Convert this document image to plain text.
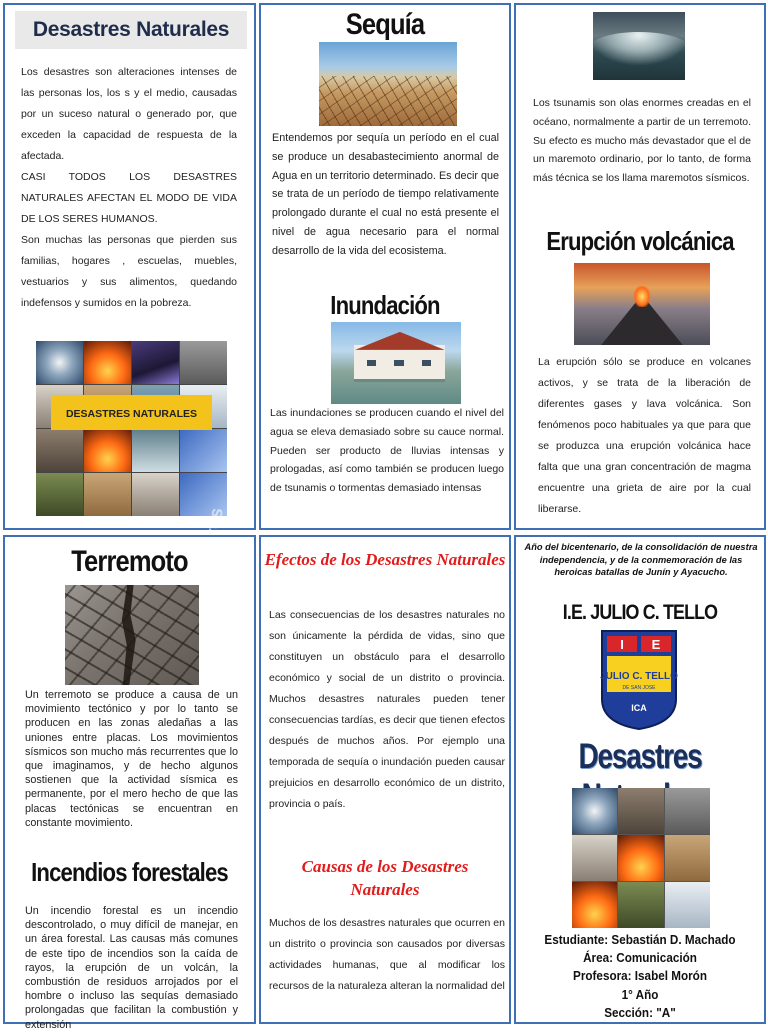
Desastres Naturales

Los desastres son alteraciones intenses de las personas los, los s y el medio, causadas por un suceso natural o generado por, que exceden la capacidad de respuesta de la afectada.

CASI TODOS LOS DESASTRES NATURALES AFECTAN EL MODO DE VIDA DE LOS SERES HUMANOS.

Son muchas las personas que pierden sus familias, hogares , escuelas, muebles, vestuarios y sus alimentos, quedando indefensos y sumidos en la pobreza.

DESASTRES NATURALES
Sequía
Entendemos por sequía un período en el cual se produce un desabastecimiento anormal de Agua en un territorio determinado. Es decir que se trata de un período de tiempo relativamente prolongado durante el cual no está presente el nivel de agua necesario para el normal desarrollo de la vida del ecosistema.
Inundación
Las inundaciones se producen cuando el nivel del agua se eleva demasiado sobre su cauce normal. Pueden ser producto de lluvias intensas y prologadas, así como también se producen luego de tsunamis o tormentas demasiado intensas
Los tsunamis son olas enormes creadas en el océano, normalmente a partir de un terremoto. Su efecto es mucho más devastador que el de un maremoto ordinario, por lo tanto, de forma más técnica se los llama maremotos sísmicos.
Erupción volcánica
La erupción sólo se produce en volcanes activos, y se trata de la liberación de diferentes gases y lava volcánica. Son fenómenos poco habituales ya que para que se produzca una erupción volcánica hace falta que una gran concentración de magma encuentre una grieta de aire por la cual liberarse.
Terremoto
Un terremoto se produce a causa de un movimiento tectónico y por lo tanto se producen en las zonas aledañas a las uniones entre placas. Los movimientos sísmicos son mucho más recurrentes que lo que imaginamos, y de hecho algunos sostienen que la actividad sísmica es permanente, por el mero hecho de que las placas tectónicas se encuentran en constante movimiento.
Incendios forestales
Un incendio forestal es un incendio descontrolado, o muy difícil de manejar, en un área forestal. Las causas más comunes de este tipo de incendios son la caída de rayos, la erupción de un volcán, la combustión de residuos arrojados por el hombre o incluso las sequías demasiado prolongadas que facilitan la combustión y extensión
Efectos de los Desastres Naturales
Las consecuencias de los desastres naturales no son únicamente la pérdida de vidas, sino que constituyen un obstáculo para el desarrollo económico y social de un distrito o provincia. Muchos desastres naturales pueden tener consecuencias tardías, es decir que tienen efectos después de muchos años. Por ejemplo una temporada de sequía o inundación pueden causar prejuicios en desarrollo económico de un distrito, provincia o país.
Causas de los Desastres Naturales
Muchos de los desastres naturales que ocurren en un distrito o provincia son causados por diversas actividades humanas, que al modificar los recursos de la naturaleza alteran la normalidad del
Año del bicentenario, de la consolidación de nuestra independencia, y de la conmemoración de las heroicas batallas de Junín y Ayacucho.
I.E. JULIO C. TELLO
I E
JULIO C. TELLO
DE SAN JOSE
ICA
Desastres
Estudiante: Sebastián D. Machado
Área: Comunicación
Profesora: Isabel Morón
1° Año
Sección: "A"
